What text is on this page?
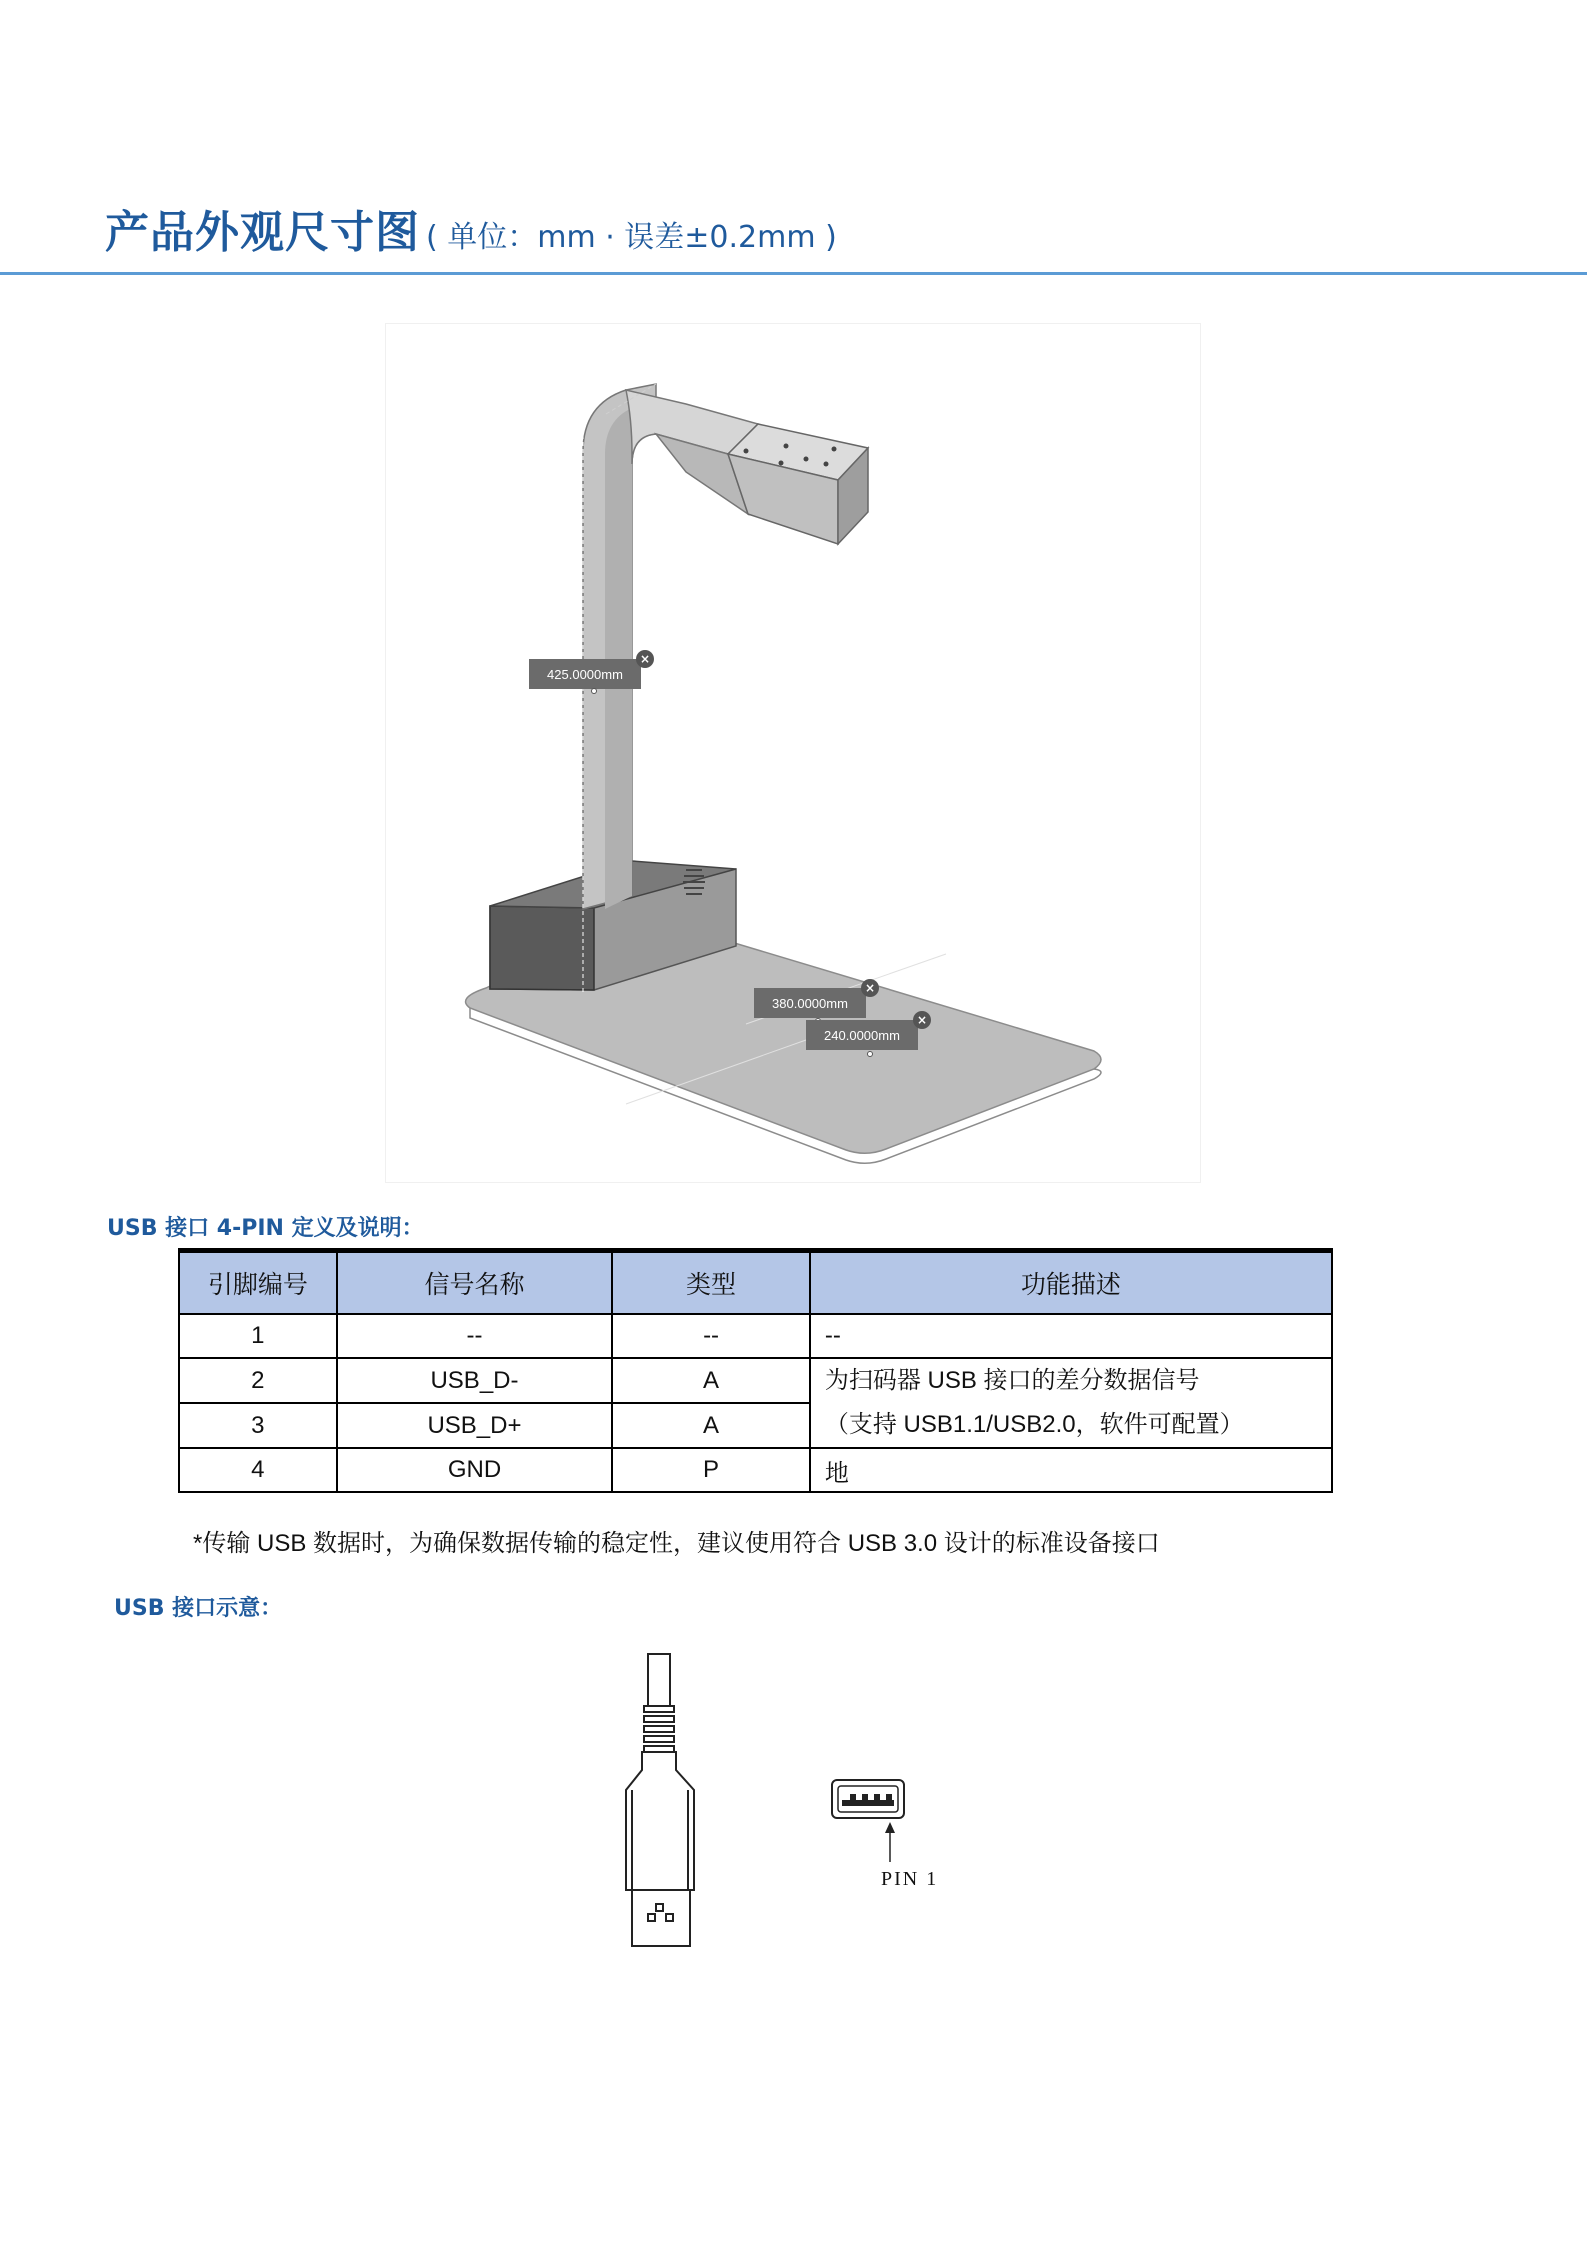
产品外观尺寸图 ( 单位：mm · 误差±0.2mm )
425.0000mm
×
380.0000mm
×
240.0000mm
×
USB 接口 4-PIN 定义及说明：
引脚编号	信号名称	类型	功能描述
1	--	--	--
2	USB_D-	A	为扫码器 USB 接口的差分数据信号
（支持 USB1.1/USB2.0，软件可配置）

3	USB_D+	A	
4	GND	P	地
*传输 USB 数据时，为确保数据传输的稳定性，建议使用符合 USB 3.0 设计的标准设备接口
USB 接口示意：
PIN 1
